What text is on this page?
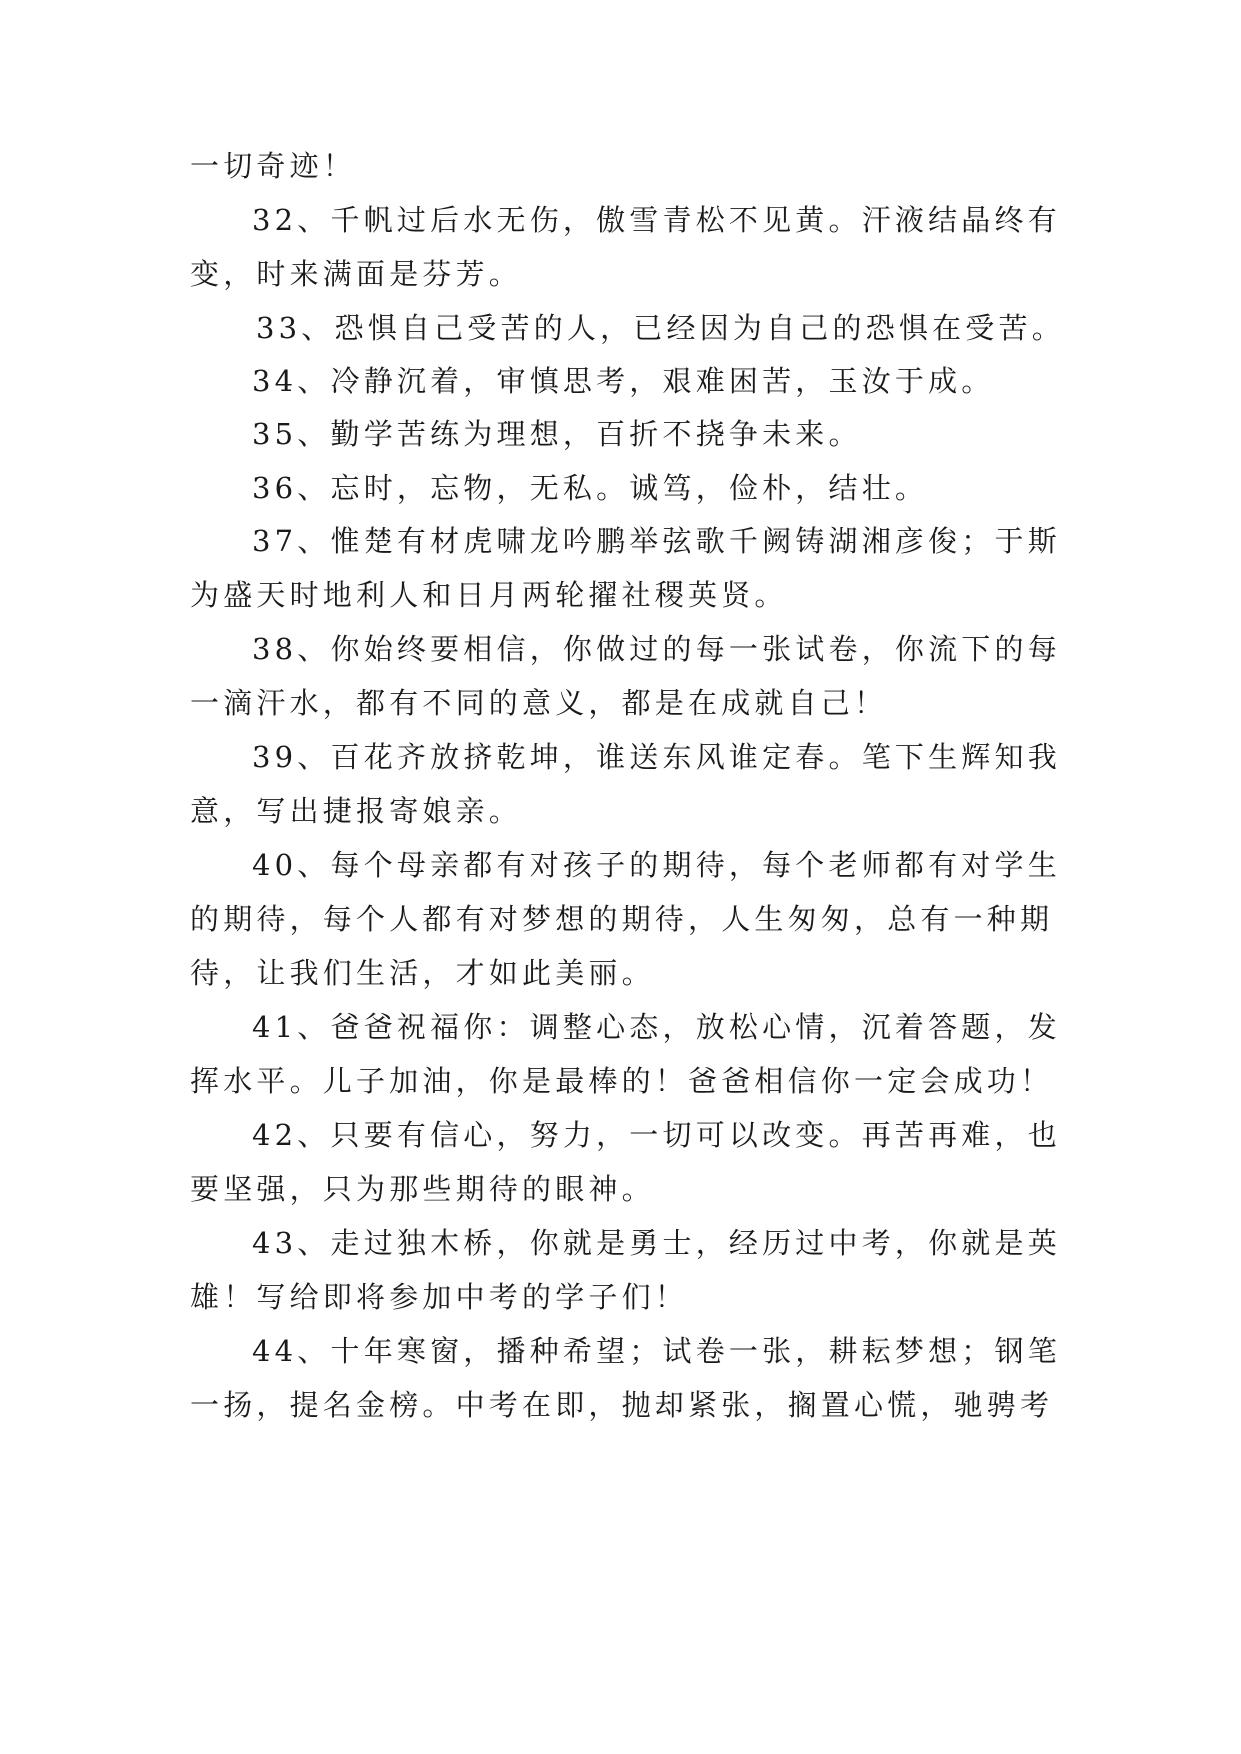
一切奇迹！
32、千帆过后水无伤，傲雪青松不见黄。汗液结晶终有
变，时来满面是芬芳。
33、恐惧自己受苦的人，已经因为自己的恐惧在受苦。
34、冷静沉着，审慎思考，艰难困苦，玉汝于成。
35、勤学苦练为理想，百折不挠争未来。
36、忘时，忘物，无私。诚笃，俭朴，结壮。
37、惟楚有材虎啸龙吟鹏举弦歌千阙铸湖湘彦俊；于斯
为盛天时地利人和日月两轮擢社稷英贤。
38、你始终要相信，你做过的每一张试卷，你流下的每
一滴汗水，都有不同的意义，都是在成就自己！
39、百花齐放挤乾坤，谁送东风谁定春。笔下生辉知我
意，写出捷报寄娘亲。
40、每个母亲都有对孩子的期待，每个老师都有对学生
的期待，每个人都有对梦想的期待，人生匆匆，总有一种期
待，让我们生活，才如此美丽。
41、爸爸祝福你：调整心态，放松心情，沉着答题，发
挥水平。儿子加油，你是最棒的！爸爸相信你一定会成功！
42、只要有信心，努力，一切可以改变。再苦再难，也
要坚强，只为那些期待的眼神。
43、走过独木桥，你就是勇士，经历过中考，你就是英
雄！写给即将参加中考的学子们！
44、十年寒窗，播种希望；试卷一张，耕耘梦想；钢笔
一扬，提名金榜。中考在即，抛却紧张，搁置心慌，驰骋考
